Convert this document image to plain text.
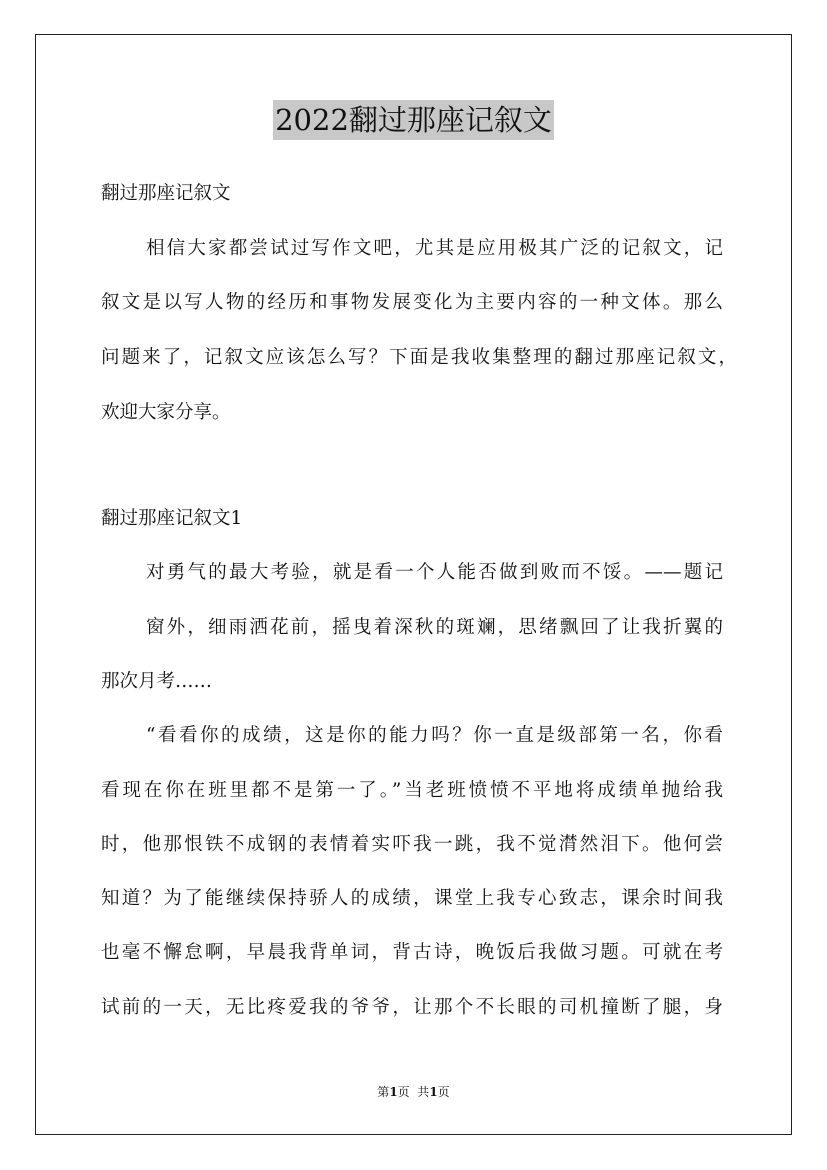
2022翻过那座记叙文
翻过那座记叙文
相信大家都尝试过写作文吧，尤其是应用极其广泛的记叙文，记
叙文是以写人物的经历和事物发展变化为主要内容的一种文体。那么
问题来了，记叙文应该怎么写？下面是我收集整理的翻过那座记叙文，
欢迎大家分享。
翻过那座记叙文1
对勇气的最大考验，就是看一个人能否做到败而不馁。——题记
窗外，细雨洒花前，摇曳着深秋的斑斓，思绪飘回了让我折翼的
那次月考……
“看看你的成绩，这是你的能力吗？你一直是级部第一名，你看
看现在你在班里都不是第一了。”当老班愤愤不平地将成绩单抛给我
时，他那恨铁不成钢的表情着实吓我一跳，我不觉潸然泪下。他何尝
知道？为了能继续保持骄人的成绩，课堂上我专心致志，课余时间我
也毫不懈怠啊，早晨我背单词，背古诗，晚饭后我做习题。可就在考
试前的一天，无比疼爱我的爷爷，让那个不长眼的司机撞断了腿，身
第1页  共1页
